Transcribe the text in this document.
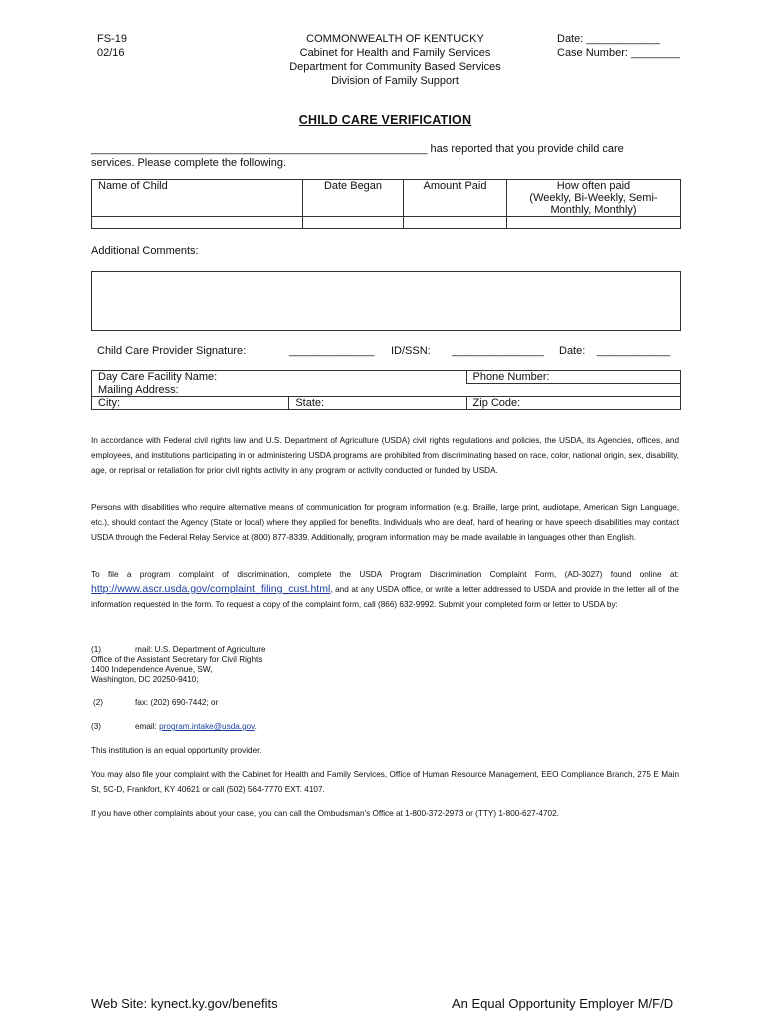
FS-19
02/16
COMMONWEALTH OF KENTUCKY
Cabinet for Health and Family Services
Department for Community Based Services
Division of Family Support
Date: ____________
Case Number: ________
CHILD CARE VERIFICATION
_______________________________________________________ has reported that you provide child care
services. Please complete the following.
Name of Child	Date Began	Amount Paid	How often paid
(Weekly, Bi-Weekly, Semi-
Monthly, Monthly)

Additional Comments:
Child Care Provider Signature:	______________ ID/SSN: _______________ Date: ____________
Day Care Facility Name:		Phone Number:
Mailing Address:		
City:	State:	Zip Code:
In accordance with Federal civil rights law and U.S. Department of Agriculture (USDA) civil rights regulations and policies, the USDA, its Agencies, offices, and employees, and institutions participating in or administering USDA programs are prohibited from discriminating based on race, color, national origin, sex, disability, age, or reprisal or retaliation for prior civil rights activity in any program or activity conducted or funded by USDA.
Persons with disabilities who require alternative means of communication for program information (e.g. Braille, large print, audiotape, American Sign Language, etc.), should contact the Agency (State or local) where they applied for benefits. Individuals who are deaf, hard of hearing or have speech disabilities may contact USDA through the Federal Relay Service at (800) 877-8339. Additionally, program information may be made available in languages other than English.
To file a program complaint of discrimination, complete the USDA Program Discrimination Complaint Form, (AD-3027) found online at: http://www.ascr.usda.gov/complaint_filing_cust.html, and at any USDA office, or write a letter addressed to USDA and provide in the letter all of the information requested in the form. To request a copy of the complaint form, call (866) 632-9992. Submit your completed form or letter to USDA by:
(1)	mail: U.S. Department of Agriculture
Office of the Assistant Secretary for Civil Rights
1400 Independence Avenue, SW,
Washington, DC 20250-9410;
(2)	fax: (202) 690-7442; or
(3)	email: program.intake@usda.gov.
This institution is an equal opportunity provider.
You may also file your complaint with the Cabinet for Health and Family Services, Office of Human Resource Management, EEO Compliance Branch, 275 E Main St, 5C-D, Frankfort, KY 40621 or call (502) 564-7770 EXT. 4107.
If you have other complaints about your case, you can call the Ombudsman's Office at 1-800-372-2973 or (TTY) 1-800-627-4702.
Web Site: kynect.ky.gov/benefits	An Equal Opportunity Employer M/F/D
